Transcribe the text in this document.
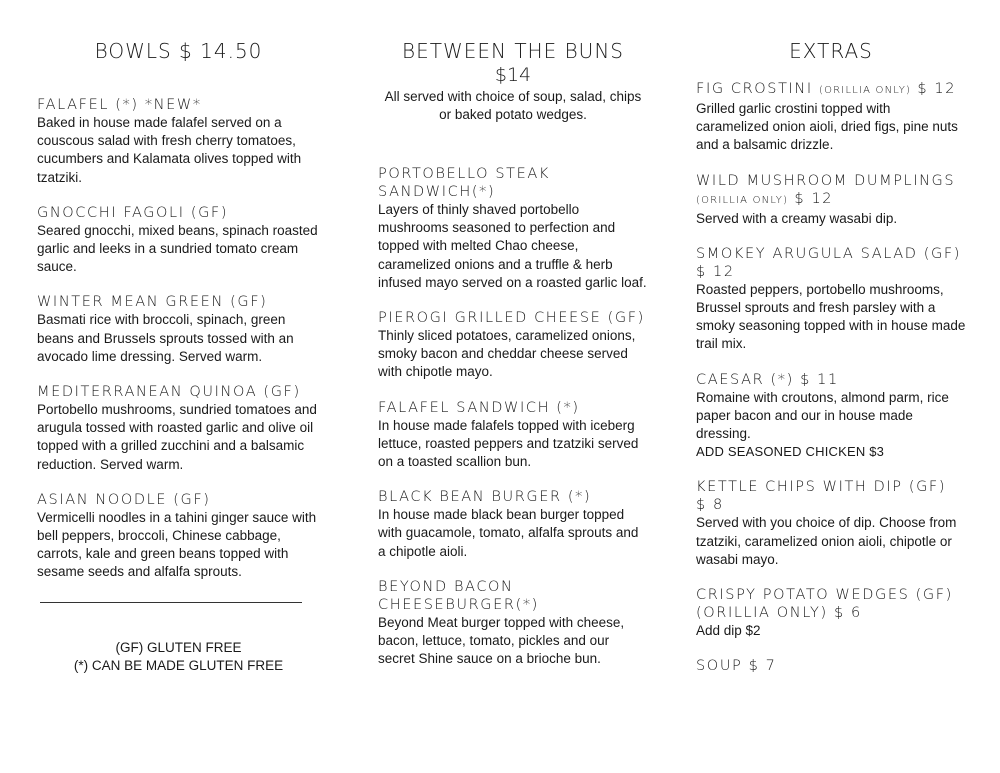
BOWLS $ 14.50
FALAFEL (*) *NEW*
Baked in house made falafel served on a couscous salad with fresh cherry tomatoes, cucumbers and Kalamata olives topped with tzatziki.
GNOCCHI FAGOLI (GF)
Seared gnocchi, mixed beans, spinach roasted garlic and leeks in a sundried tomato cream sauce.
WINTER MEAN GREEN (GF)
Basmati rice with broccoli, spinach, green beans and Brussels sprouts tossed with an avocado lime dressing. Served warm.
MEDITERRANEAN QUINOA (GF)
Portobello mushrooms, sundried tomatoes and arugula tossed with roasted garlic and olive oil topped with a grilled zucchini and a balsamic reduction. Served warm.
ASIAN NOODLE (GF)
Vermicelli noodles in a tahini ginger sauce with bell peppers, broccoli, Chinese cabbage, carrots, kale and green beans topped with sesame seeds and alfalfa sprouts.
(GF) GLUTEN FREE
(*) CAN BE MADE GLUTEN FREE
BETWEEN THE BUNS
$14
All served with choice of soup, salad, chips or baked potato wedges.
PORTOBELLO STEAK SANDWICH(*)
Layers of thinly shaved portobello mushrooms seasoned to perfection and topped with melted Chao cheese, caramelized onions and a truffle & herb infused mayo served on a roasted garlic loaf.
PIEROGI GRILLED CHEESE (GF)
Thinly sliced potatoes, caramelized onions, smoky bacon and cheddar cheese served with chipotle mayo.
FALAFEL SANDWICH (*)
In house made falafels topped with iceberg lettuce, roasted peppers and tzatziki served on a toasted scallion bun.
BLACK BEAN BURGER (*)
In house made black bean burger topped with guacamole, tomato, alfalfa sprouts and a chipotle aioli.
BEYOND BACON CHEESEBURGER(*)
Beyond Meat burger topped with cheese, bacon, lettuce, tomato, pickles and our secret Shine sauce on a brioche bun.
EXTRAS
FIG CROSTINI (ORILLIA ONLY) $ 12
Grilled garlic crostini topped with caramelized onion aioli, dried figs, pine nuts and a balsamic drizzle.
WILD MUSHROOM DUMPLINGS
(ORILLIA ONLY) $ 12
Served with a creamy wasabi dip.
SMOKEY ARUGULA SALAD (GF)
$ 12
Roasted peppers, portobello mushrooms, Brussel sprouts and fresh parsley with a smoky seasoning topped with in house made trail mix.
CAESAR (*) $ 11
Romaine with croutons, almond parm, rice paper bacon and our in house made dressing.
ADD SEASONED CHICKEN $3
KETTLE CHIPS WITH DIP (GF)
$ 8
Served with you choice of dip. Choose from tzatziki, caramelized onion aioli, chipotle or wasabi mayo.
CRISPY POTATO WEDGES (GF) (ORILLIA ONLY) $ 6
Add dip $2
SOUP $ 7
